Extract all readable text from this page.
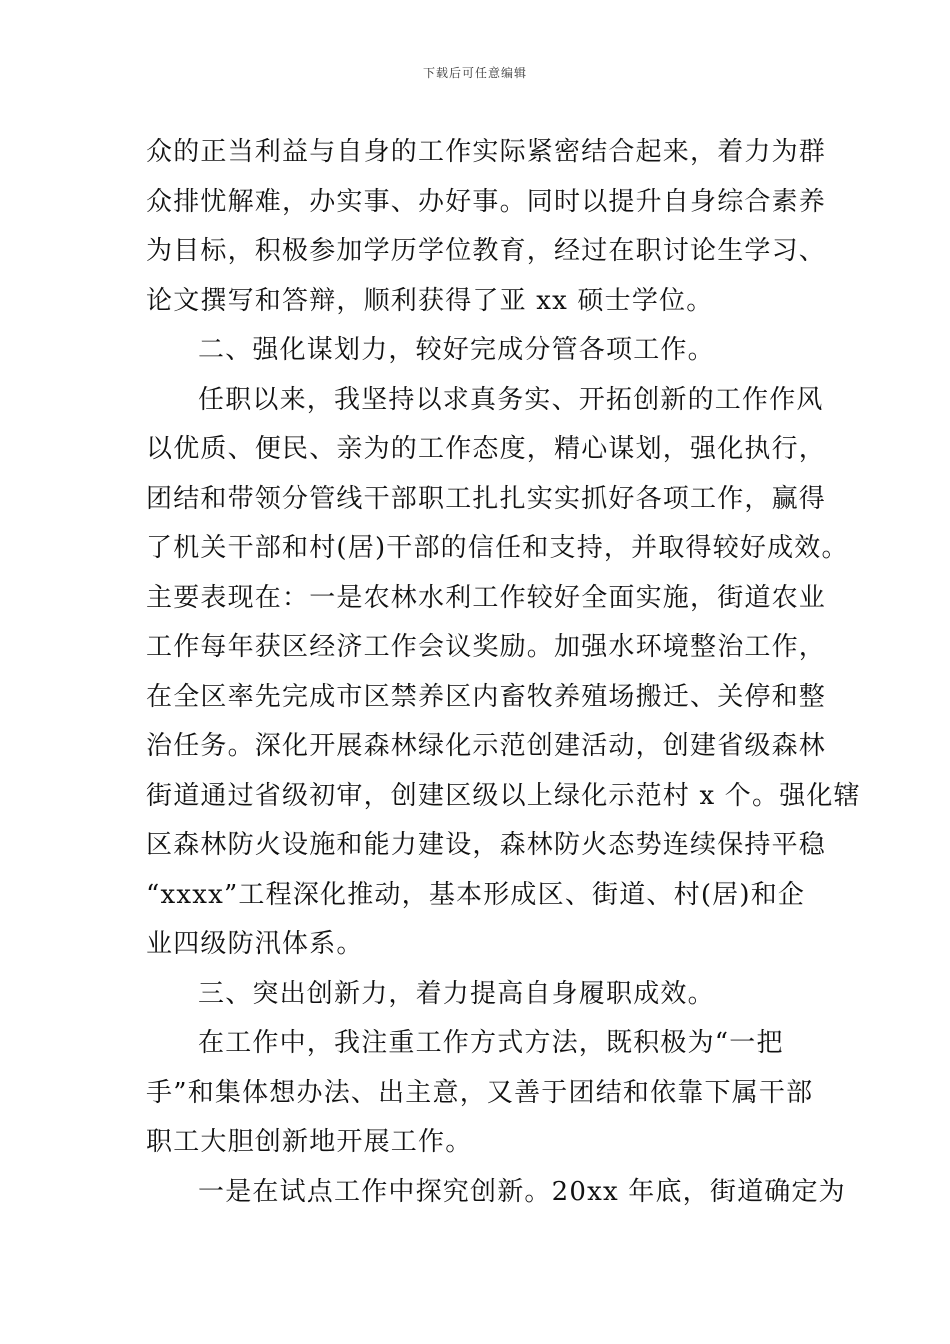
下载后可任意编辑
众的正当利益与自身的工作实际紧密结合起来，着力为群
众排忧解难，办实事、办好事。同时以提升自身综合素养
为目标，积极参加学历学位教育，经过在职讨论生学习、
论文撰写和答辩，顺利获得了亚 xx 硕士学位。
二、强化谋划力，较好完成分管各项工作。
任职以来，我坚持以求真务实、开拓创新的工作作风
以优质、便民、亲为的工作态度，精心谋划，强化执行，
团结和带领分管线干部职工扎扎实实抓好各项工作，赢得
了机关干部和村(居)干部的信任和支持，并取得较好成效。
主要表现在：一是农林水利工作较好全面实施，街道农业
工作每年获区经济工作会议奖励。加强水环境整治工作，
在全区率先完成市区禁养区内畜牧养殖场搬迁、关停和整
治任务。深化开展森林绿化示范创建活动，创建省级森林
街道通过省级初审，创建区级以上绿化示范村 x 个。强化辖
区森林防火设施和能力建设，森林防火态势连续保持平稳
“xxxx”工程深化推动，基本形成区、街道、村(居)和企
业四级防汛体系。
三、突出创新力，着力提高自身履职成效。
在工作中，我注重工作方式方法，既积极为“一把
手”和集体想办法、出主意，又善于团结和依靠下属干部
职工大胆创新地开展工作。
一是在试点工作中探究创新。20xx 年底，街道确定为
